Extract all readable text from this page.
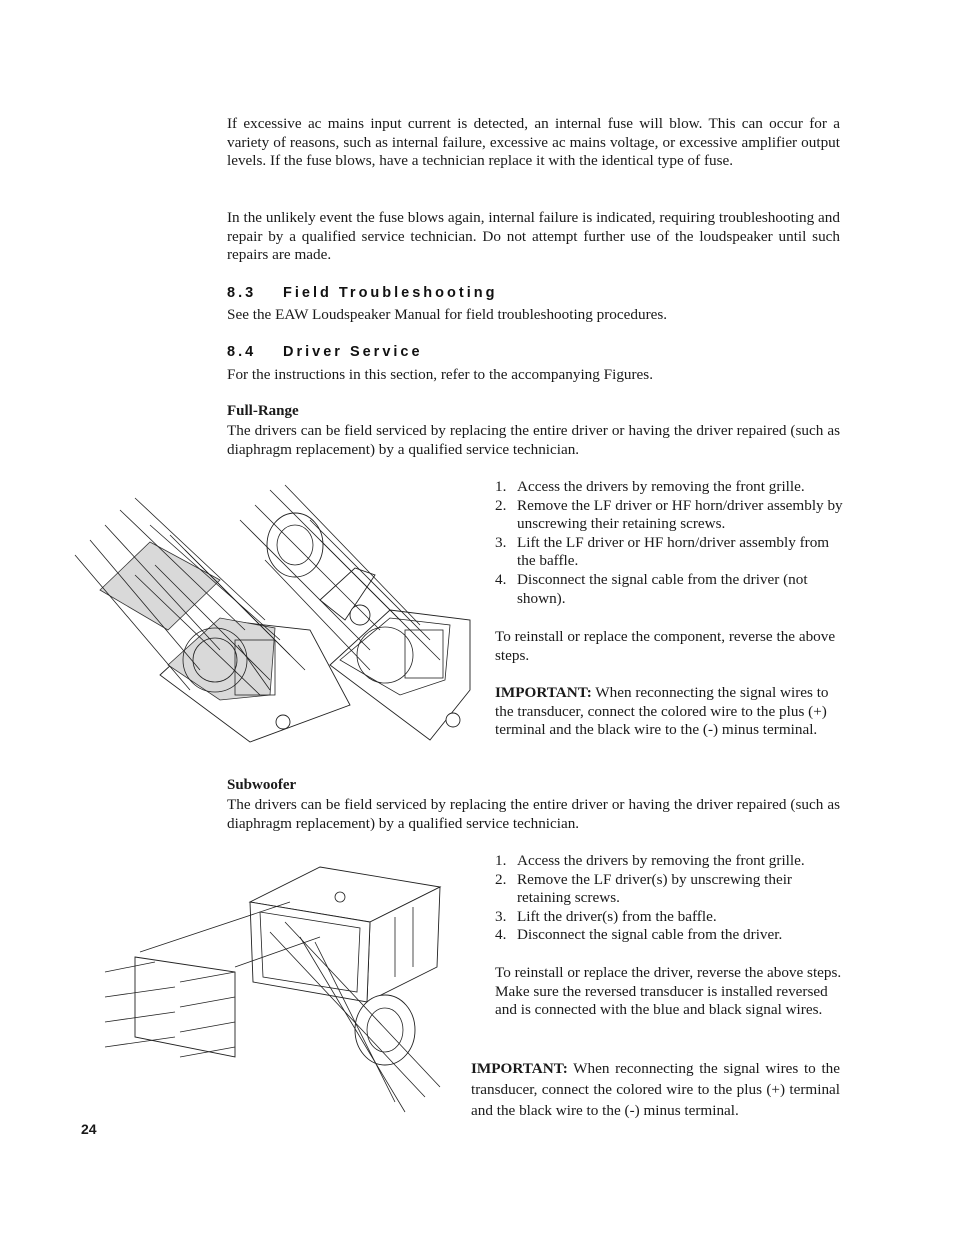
If excessive ac mains input current is detected, an internal fuse will blow. This can occur for a variety of reasons, such as internal failure, excessive ac mains voltage, or excessive amplifier output levels. If the fuse blows, have a technician replace it with the identical type of fuse.

In the unlikely event the fuse blows again, internal failure is indicated, requiring troubleshooting and repair by a qualified service technician. Do not attempt further use of the loudspeaker until such repairs are made.

8.3 Field Troubleshooting

See the EAW Loudspeaker Manual for field troubleshooting procedures.

8.4 Driver Service

For the instructions in this section, refer to the accompanying Figures.

Full-Range

The drivers can be field serviced by replacing the entire driver or having the driver repaired (such as diaphragm replacement) by a qualified service technician.

1. Access the drivers by removing the front grille.
2. Remove the LF driver or HF horn/driver assembly by unscrewing their retaining screws.
3. Lift the LF driver or HF horn/driver assembly from the baffle.
4. Disconnect the signal cable from the driver (not shown).

To reinstall or replace the component, reverse the above steps.

IMPORTANT: When reconnecting the signal wires to the transducer, connect the colored wire to the plus (+) terminal and the black wire to the (-) minus terminal.

Subwoofer

The drivers can be field serviced by replacing the entire driver or having the driver repaired (such as diaphragm replacement) by a qualified service technician.

1. Access the drivers by removing the front grille.
2. Remove the LF driver(s) by unscrewing their retaining screws.
3. Lift the driver(s) from the baffle.
4. Disconnect the signal cable from the driver.

To reinstall or replace the driver, reverse the above steps. Make sure the reversed transducer is installed reversed and is connected with the blue and black signal wires.

IMPORTANT: When reconnecting the signal wires to the transducer, connect the colored wire to the plus (+) terminal and the black wire to the (-) minus terminal.

24
